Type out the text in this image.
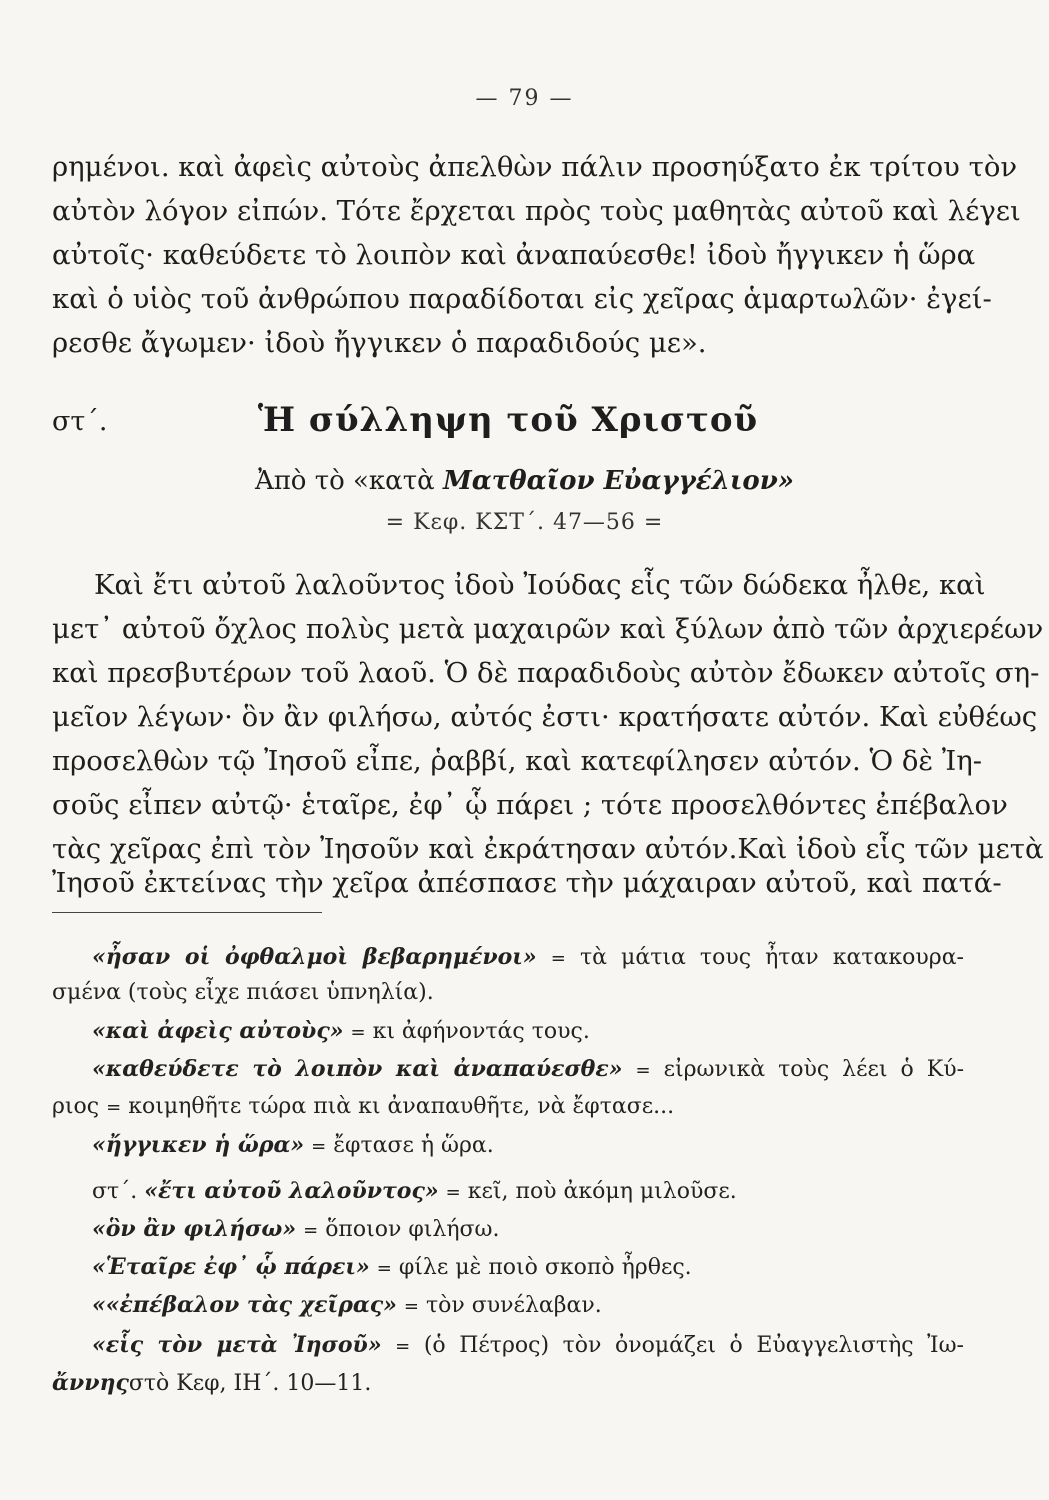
— 79 —
ρημένοι. καὶ ἀφεὶς αὐτοὺς ἀπελθὼν πάλιν προσηύξατο ἐκ τρίτου τὸν
αὐτὸν λόγον εἰπών. Τότε ἔρχεται πρὸς τοὺς μαθητὰς αὐτοῦ καὶ λέγει
αὐτοῖς· καθεύδετε τὸ λοιπὸν καὶ ἀναπαύεσθε! ἰδοὺ ἤγγικεν ἡ ὥρα
καὶ ὁ υἱὸς τοῦ ἀνθρώπου παραδίδοται εἰς χεῖρας ἁμαρτωλῶν· ἐγεί-
ρεσθε ἄγωμεν· ἰδοὺ ἤγγικεν ὁ παραδιδούς με».
στ΄.	Ἡ σύλληψη τοῦ Χριστοῦ
Ἀπὸ τὸ «κατὰ Ματθαῖον Εὐαγγέλιον»
= Κεφ. ΚΣΤ΄. 47—56 =
Καὶ ἔτι αὐτοῦ λαλοῦντος ἰδοὺ Ἰούδας εἷς τῶν δώδεκα ἦλθε, καὶ
μετ᾽ αὐτοῦ ὄχλος πολὺς μετὰ μαχαιρῶν καὶ ξύλων ἀπὸ τῶν ἀρχιερέων
καὶ πρεσβυτέρων τοῦ λαοῦ. Ὁ δὲ παραδιδοὺς αὐτὸν ἔδωκεν αὐτοῖς ση-
μεῖον λέγων· ὃν ἂν φιλήσω, αὐτός ἐστι· κρατήσατε αὐτόν. Καὶ εὐθέως
προσελθὼν τῷ Ἰησοῦ εἶπε, ῥαββί, καὶ κατεφίλησεν αὐτόν. Ὁ δὲ Ἰη-
σοῦς εἶπεν αὐτῷ· ἑταῖρε, ἐφ᾽ ᾧ πάρει ; τότε προσελθόντες ἐπέβαλον
τὰς χεῖρας ἐπὶ τὸν Ἰησοῦν καὶ ἐκράτησαν αὐτόν.Καὶ ἰδοὺ εἷς τῶν μετὰ
Ἰησοῦ ἐκτείνας τὴν χεῖρα ἀπέσπασε τὴν μάχαιραν αὐτοῦ, καὶ πατά-
«ἦσαν οἱ ὀφθαλμοὶ βεβαρημένοι» = τὰ μάτια τους ἦταν κατακουρα-
σμένα (τοὺς εἶχε πιάσει ὑπνηλία).
«καὶ ἀφεὶς αὐτοὺς» = κι ἀφήνοντάς τους.
«καθεύδετε τὸ λοιπὸν καὶ ἀναπαύεσθε» = εἰρωνικὰ τοὺς λέει ὁ Κύ-
ριος = κοιμηθῆτε τώρα πιὰ κι ἀναπαυθῆτε, νὰ ἔφτασε...
«ἤγγικεν ἡ ὥρα» = ἔφτασε ἡ ὥρα.
στ΄. «ἔτι αὐτοῦ λαλοῦντος» = κεῖ, ποὺ ἀκόμη μιλοῦσε.
«ὃν ἂν φιλήσω» = ὅποιον φιλήσω.
«Ἑταῖρε ἐφ᾽ ᾧ πάρει» = φίλε μὲ ποιὸ σκοπὸ ἦρθες.
««ἐπέβαλον τὰς χεῖρας» = τὸν συνέλαβαν.
«εἷς τὸν μετὰ Ἰησοῦ» = (ὁ Πέτρος) τὸν ὀνομάζει ὁ Εὐαγγελιστὴς Ἰω-
ἄννηςστὸ Κεφ, ΙΗ΄. 10—11.
